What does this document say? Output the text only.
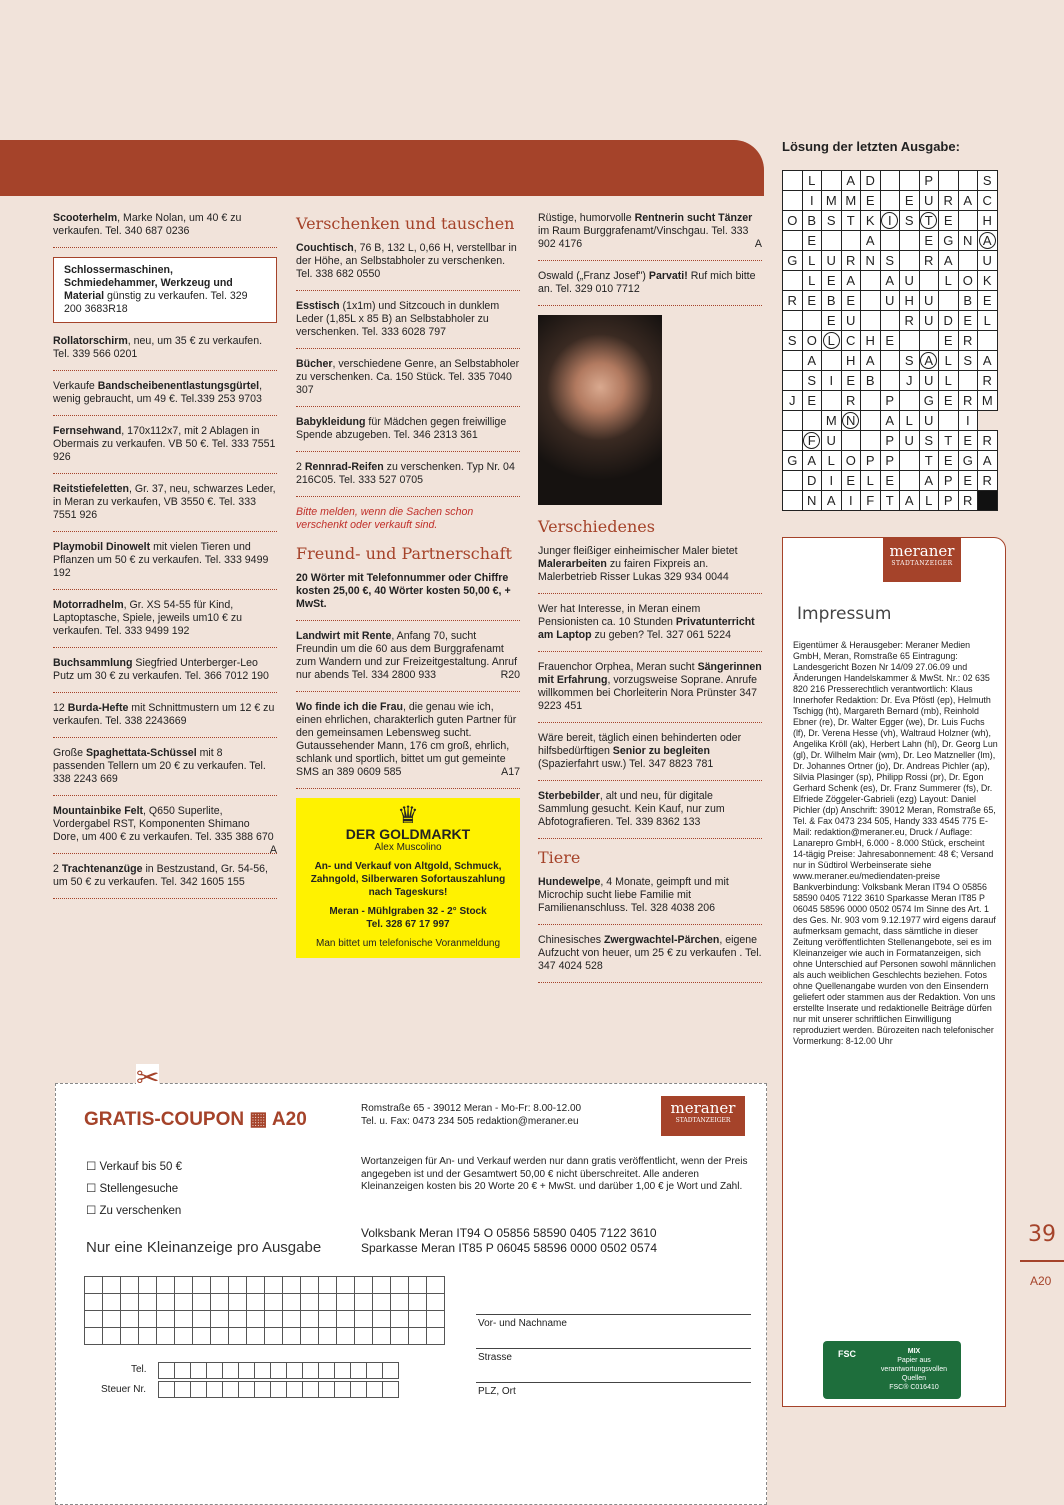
Scooterhelm, Marke Nolan, um 40 € zu verkaufen. Tel. 340 687 0236
Schlossermaschinen, Schmiedehammer, Werkzeug und Material günstig zu verkaufen. Tel. 329 200 3683R18
Rollatorschirm, neu, um 35 € zu verkaufen. Tel. 339 566 0201
Verkaufe Bandscheibenentlastungsgürtel, wenig gebraucht, um 49 €. Tel.339 253 9703
Fernsehwand, 170x112x7, mit 2 Ablagen in Obermais zu verkaufen. VB 50 €. Tel. 333 7551 926
Reitstiefeletten, Gr. 37, neu, schwarzes Leder, in Meran zu verkaufen, VB 3550 €. Tel. 333 7551 926
Playmobil Dinowelt mit vielen Tieren und Pflanzen um 50 € zu verkaufen. Tel. 333 9499 192
Motorradhelm, Gr. XS 54-55 für Kind, Laptoptasche, Spiele, jeweils um10 € zu verkaufen. Tel. 333 9499 192
Buchsammlung Siegfried Unterberger-Leo Putz um 30 € zu verkaufen. Tel. 366 7012 190
12 Burda-Hefte mit Schnittmustern um 12 € zu verkaufen. Tel. 338 2243669
Große Spaghettata-Schüssel mit 8 passenden Tellern um 20 € zu verkaufen. Tel. 338 2243 669
Mountainbike Felt, Q650 Superlite, Vordergabel RST, Komponenten Shimano Dore, um 400 € zu verkaufen. Tel. 335 388 670
A
2 Trachtenanzüge in Bestzustand, Gr. 54-56, um 50 € zu verkaufen. Tel. 342 1605 155
Verschenken und tauschen
Couchtisch, 76 B, 132 L, 0,66 H, verstellbar in der Höhe, an Selbstabholer zu verschenken. Tel. 338 682 0550
Esstisch (1x1m) und Sitzcouch in dunklem Leder (1,85L x 85 B) an Selbstabholer zu verschenken. Tel. 333 6028 797
Bücher, verschiedene Genre, an Selbstabholer zu verschenken. Ca. 150 Stück. Tel. 335 7040 307
Babykleidung für Mädchen gegen freiwillige Spende abzugeben. Tel. 346 2313 361
2 Rennrad-Reifen zu verschenken. Typ Nr. 04 216C05. Tel. 333 527 0705
Bitte melden, wenn die Sachen schon verschenkt oder verkauft sind.
Freund- und Partnerschaft
20 Wörter mit Telefonnummer oder Chiffre kosten 25,00 €, 40 Wörter kosten 50,00 €, + MwSt.
Landwirt mit Rente, Anfang 70, sucht Freundin um die 60 aus dem Burggrafenamt zum Wandern und zur Freizeitgestaltung. Anruf nur abends Tel. 334 2800 933	R20
Wo finde ich die Frau, die genau wie ich, einen ehrlichen, charakterlich guten Partner für den gemeinsamen Lebensweg sucht. Gutaussehender Mann, 176 cm groß, ehrlich, schlank und sportlich, bittet um gut gemeinte SMS an 389 0609 585	A17
♛
DER GOLDMARKT
Alex Muscolino
An- und Verkauf von Altgold, Schmuck, Zahngold, Silberwaren Sofortauszahlung nach Tageskurs!
Meran - Mühlgraben 32 - 2° Stock
Tel. 328 67 17 997
Man bittet um telefonische Voranmeldung
Rüstige, humorvolle Rentnerin sucht Tänzer im Raum Burggrafenamt/Vinschgau. Tel. 333 902 4176	A
Oswald („Franz Josef") Parvati! Ruf mich bitte an. Tel. 329 010 7712
Verschiedenes
Junger fleißiger einheimischer Maler bietet Malerarbeiten zu fairen Fixpreis an. Malerbetrieb Risser Lukas 329 934 0044
Wer hat Interesse, in Meran einem Pensionisten ca. 10 Stunden Privatunterricht am Laptop zu geben? Tel. 327 061 5224
Frauenchor Orphea, Meran sucht Sängerinnen mit Erfahrung, vorzugsweise Soprane. Anrufe willkommen bei Chorleiterin Nora Prünster 347 9223 451
Wäre bereit, täglich einen behinderten oder hilfsbedürftigen Senior zu begleiten (Spazierfahrt usw.) Tel. 347 8823 781
Sterbebilder, alt und neu, für digitale Sammlung gesucht. Kein Kauf, nur zum Abfotografieren. Tel. 339 8362 133
Tiere
Hundewelpe, 4 Monate, geimpft und mit Microchip sucht liebe Familie mit Familienanschluss. Tel. 328 4038 206
Chinesisches Zwergwachtel-Pärchen, eigene Aufzucht von heuer, um 25 € zu verkaufen . Tel. 347 4024 528
Lösung der letzten Ausgabe:
	L		A	D			P			S
	I	M	M	E		E	U	R	A	C
O	B	S	T	K	I	S	T	E		H
	E			A			E	G	N	A
G	L	U	R	N	S		R	A		U
	L	E	A		A	U		L	O	K
R	E	B	E		U	H	U		B	E
		E	U			R	U	D	E	L
S	O	L	C	H	E			E	R	
	A		H	A		S	A	L	S	A
	S	I	E	B		J	U	L		R
J	E		R		P		G	E	R	M
		M	N		A	L	U		I	
	F	U			P	U	S	T	E	R
G	A	L	O	P	P		T	E	G	A
	D	I	E	L	E		A	P	E	R
	N	A	I	F	T	A	L	P	R	
meraner
STADTANZEIGER
Impressum
Eigentümer & Herausgeber: Meraner Medien GmbH, Meran, Romstraße 65 Eintragung: Landesgericht Bozen Nr 14/09 27.06.09 und Änderungen Handelskammer & MwSt. Nr.: 02 635 820 216 Presserechtlich verantwortlich: Klaus Innerhofer Redaktion: Dr. Eva Pföstl (ep), Helmuth Tschigg (ht), Margareth Bernard (mb), Reinhold Ebner (re), Dr. Walter Egger (we), Dr. Luis Fuchs (lf), Dr. Verena Hesse (vh), Waltraud Holzner (wh), Angelika Kröll (ak), Herbert Lahn (hl), Dr. Georg Lun (gl), Dr. Wilhelm Mair (wm), Dr. Leo Matzneller (lm), Dr. Johannes Ortner (jo), Dr. Andreas Pichler (ap), Silvia Plasinger (sp), Philipp Rossi (pr), Dr. Egon Gerhard Schenk (es), Dr. Franz Summerer (fs), Dr. Elfriede Zöggeler-Gabrieli (ezg) Layout: Daniel Pichler (dp) Anschrift: 39012 Meran, Romstraße 65, Tel. & Fax 0473 234 505, Handy 333 4545 775 E-Mail: redaktion@meraner.eu, Druck / Auflage: Lanarepro GmbH, 6.000 - 8.000 Stück, erscheint 14-tägig Preise: Jahresabonnement: 48 €; Versand nur in Südtirol Werbeinserate siehe www.meraner.eu/mediendaten-preise Bankverbindung: Volksbank Meran IT94 O 05856 58590 0405 7122 3610 Sparkasse Meran IT85 P 06045 58596 0000 0502 0574 Im Sinne des Art. 1 des Ges. Nr. 903 vom 9.12.1977 wird eigens darauf aufmerksam gemacht, dass sämtliche in dieser Zeitung veröffentlichten Stellenangebote, sei es im Kleinanzeiger wie auch in Formatanzeigen, sich ohne Unterschied auf Personen sowohl männlichen als auch weiblichen Geschlechts beziehen. Fotos ohne Quellenangabe wurden von den Einsendern geliefert oder stammen aus der Redaktion. Von uns erstellte Inserate und redaktionelle Beiträge dürfen nur mit unserer schriftlichen Einwilligung reproduziert werden. Bürozeiten nach telefonischer Vormerkung: 8-12.00 Uhr
FSC	MIX
Papier aus verantwortungsvollen Quellen
FSC® C016410
39
A20
✂
GRATIS-COUPON ▦ A20
Romstraße 65 - 39012 Meran - Mo-Fr: 8.00-12.00
Tel. u. Fax: 0473 234 505 redaktion@meraner.eu
meraner
STADTANZEIGER
☐ Verkauf bis 50 €
☐ Stellengesuche
☐ Zu verschenken
Wortanzeigen für An- und Verkauf werden nur dann gratis veröffentlicht, wenn der Preis angegeben ist und der Gesamtwert 50,00 € nicht überschreitet. Alle anderen Kleinanzeigen kosten bis 20 Worte 20 € + MwSt. und darüber 1,00 € je Wort und Zahl.
Volksbank Meran IT94 O 05856 58590 0405 7122 3610
Sparkasse Meran IT85 P 06045 58596 0000 0502 0574
Nur eine Kleinanzeige pro Ausgabe

Tel.

Steuer Nr.

Vor- und Nachname
Strasse
PLZ, Ort
